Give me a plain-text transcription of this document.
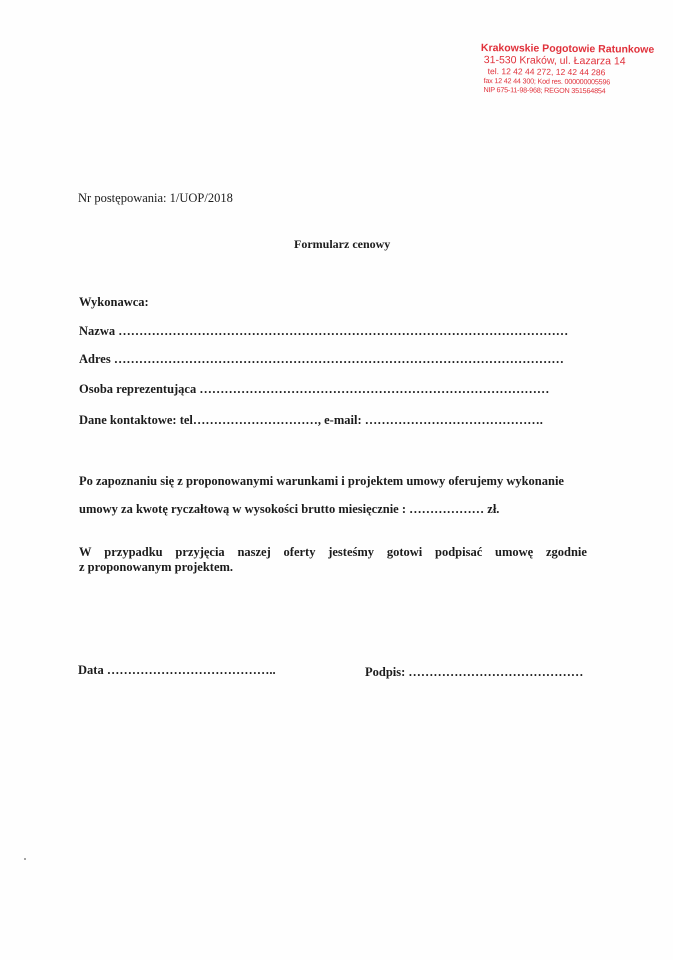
Krakowskie Pogotowie Ratunkowe
31-530 Kraków, ul. Łazarza 14
tel. 12 42 44 272, 12 42 44 286
fax 12 42 44 300; Kod res. 000000005596
NIP 675-11-98-968; REGON 351564854
Nr postępowania: 1/UOP/2018
Formularz cenowy
Wykonawca:
Nazwa ………………………………………………………………………………………………
Adres ………………………………………………………………………………………………
Osoba reprezentująca …………………………………………………………………………
Dane kontaktowe: tel…………………………, e-mail: …………………………………….
Po zapoznaniu się z proponowanymi warunkami i projektem umowy oferujemy wykonanie
umowy za kwotę ryczałtową w wysokości brutto miesięcznie : ……………… zł.
W przypadku przyjęcia naszej oferty jesteśmy gotowi podpisać umowę zgodnie
z proponowanym projektem.
Data …………………………………..	Podpis: ……………………………………
